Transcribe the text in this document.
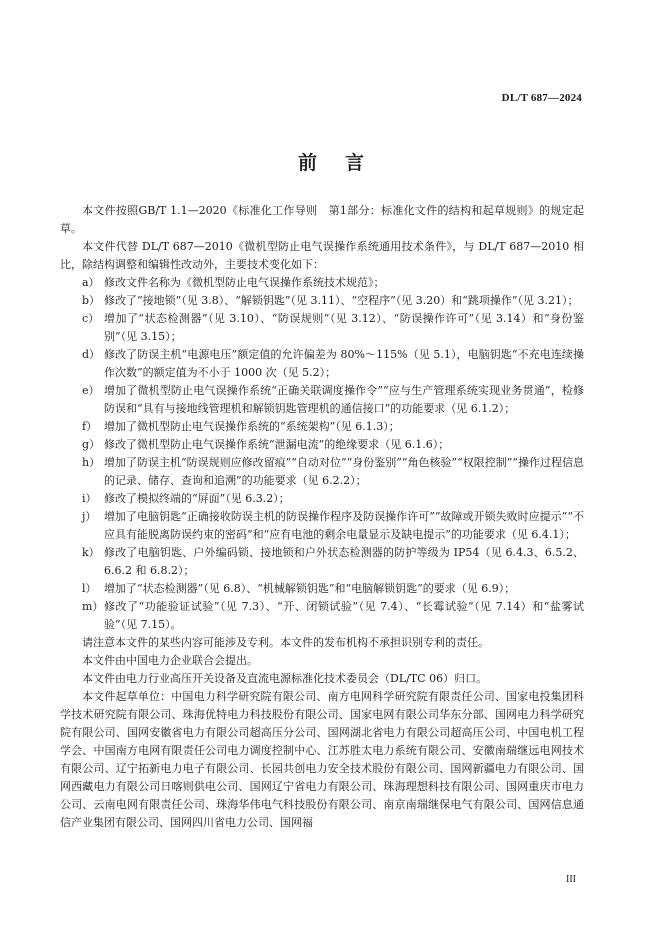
DL/T 687—2024
前言

本文件按照GB/T 1.1—2020《标准化工作导则　第1部分：标准化文件的结构和起草规则》的规定起草。

本文件代替 DL/T 687—2010《微机型防止电气误操作系统通用技术条件》，与 DL/T 687—2010 相比，除结构调整和编辑性改动外，主要技术变化如下：

a） 修改文件名称为《微机型防止电气误操作系统技术规范》；
b） 修改了“接地锁”（见 3.8）、“解锁钥匙”（见 3.11）、“空程序”（见 3.20）和“跳项操作”（见 3.21）；
c） 增加了“状态检测器”（见 3.10）、“防误规则”（见 3.12）、“防误操作许可”（见 3.14）和“身份鉴别”（见 3.15）；
d） 修改了防误主机“电源电压”额定值的允许偏差为 80%～115%（见 5.1），电脑钥匙“不充电连续操作次数”的额定值为不小于 1000 次（见 5.2）；
e） 增加了微机型防止电气误操作系统“正确关联调度操作令”“应与生产管理系统实现业务贯通”，检修防误和“具有与接地线管理机和解锁钥匙管理机的通信接口”的功能要求（见 6.1.2）；
f） 增加了微机型防止电气误操作系统的“系统架构”（见 6.1.3）；
g） 修改了微机型防止电气误操作系统“泄漏电流”的绝缘要求（见 6.1.6）；
h） 增加了防误主机“防误规则应修改留痕”“自动对位”“身份鉴别”“角色核验”“权限控制”“操作过程信息的记录、储存、查询和追溯”的功能要求（见 6.2.2）；
i） 修改了模拟终端的“屏面”（见 6.3.2）；
j） 增加了电脑钥匙“正确接收防误主机的防误操作程序及防误操作许可”“故障或开锁失败时应提示”“不应具有能脱离防误约束的密码”和“应有电池的剩余电量显示及缺电提示”的功能要求（见 6.4.1）；
k） 修改了电脑钥匙、户外编码锁、接地锁和户外状态检测器的防护等级为 IP54（见 6.4.3、6.5.2、6.6.2 和 6.8.2）；
l） 增加了“状态检测器”（见 6.8）、“机械解锁钥匙”和“电脑解锁钥匙”的要求（见 6.9）；
m） 修改了“功能验证试验”（见 7.3）、“开、闭锁试验”（见 7.4）、“长霉试验”（见 7.14）和“盐雾试验”（见 7.15）。

请注意本文件的某些内容可能涉及专利。本文件的发布机构不承担识别专利的责任。

本文件由中国电力企业联合会提出。

本文件由电力行业高压开关设备及直流电源标准化技术委员会（DL/TC 06）归口。

本文件起草单位：中国电力科学研究院有限公司、南方电网科学研究院有限责任公司、国家电投集团科学技术研究院有限公司、珠海优特电力科技股份有限公司、国家电网有限公司华东分部、国网电力科学研究院有限公司、国网安徽省电力有限公司超高压分公司、国网湖北省电力有限公司超高压公司、中国电机工程学会、中国南方电网有限责任公司电力调度控制中心、江苏胜太电力系统有限公司、安徽南瑞继远电网技术有限公司、辽宁拓新电力电子有限公司、长园共创电力安全技术股份有限公司、国网新疆电力有限公司、国网西藏电力有限公司日喀则供电公司、国网辽宁省电力有限公司、珠海理想科技有限公司、国网重庆市电力公司、云南电网有限责任公司、珠海华伟电气科技股份有限公司、南京南瑞继保电气有限公司、国网信息通信产业集团有限公司、国网四川省电力公司、国网福

III
